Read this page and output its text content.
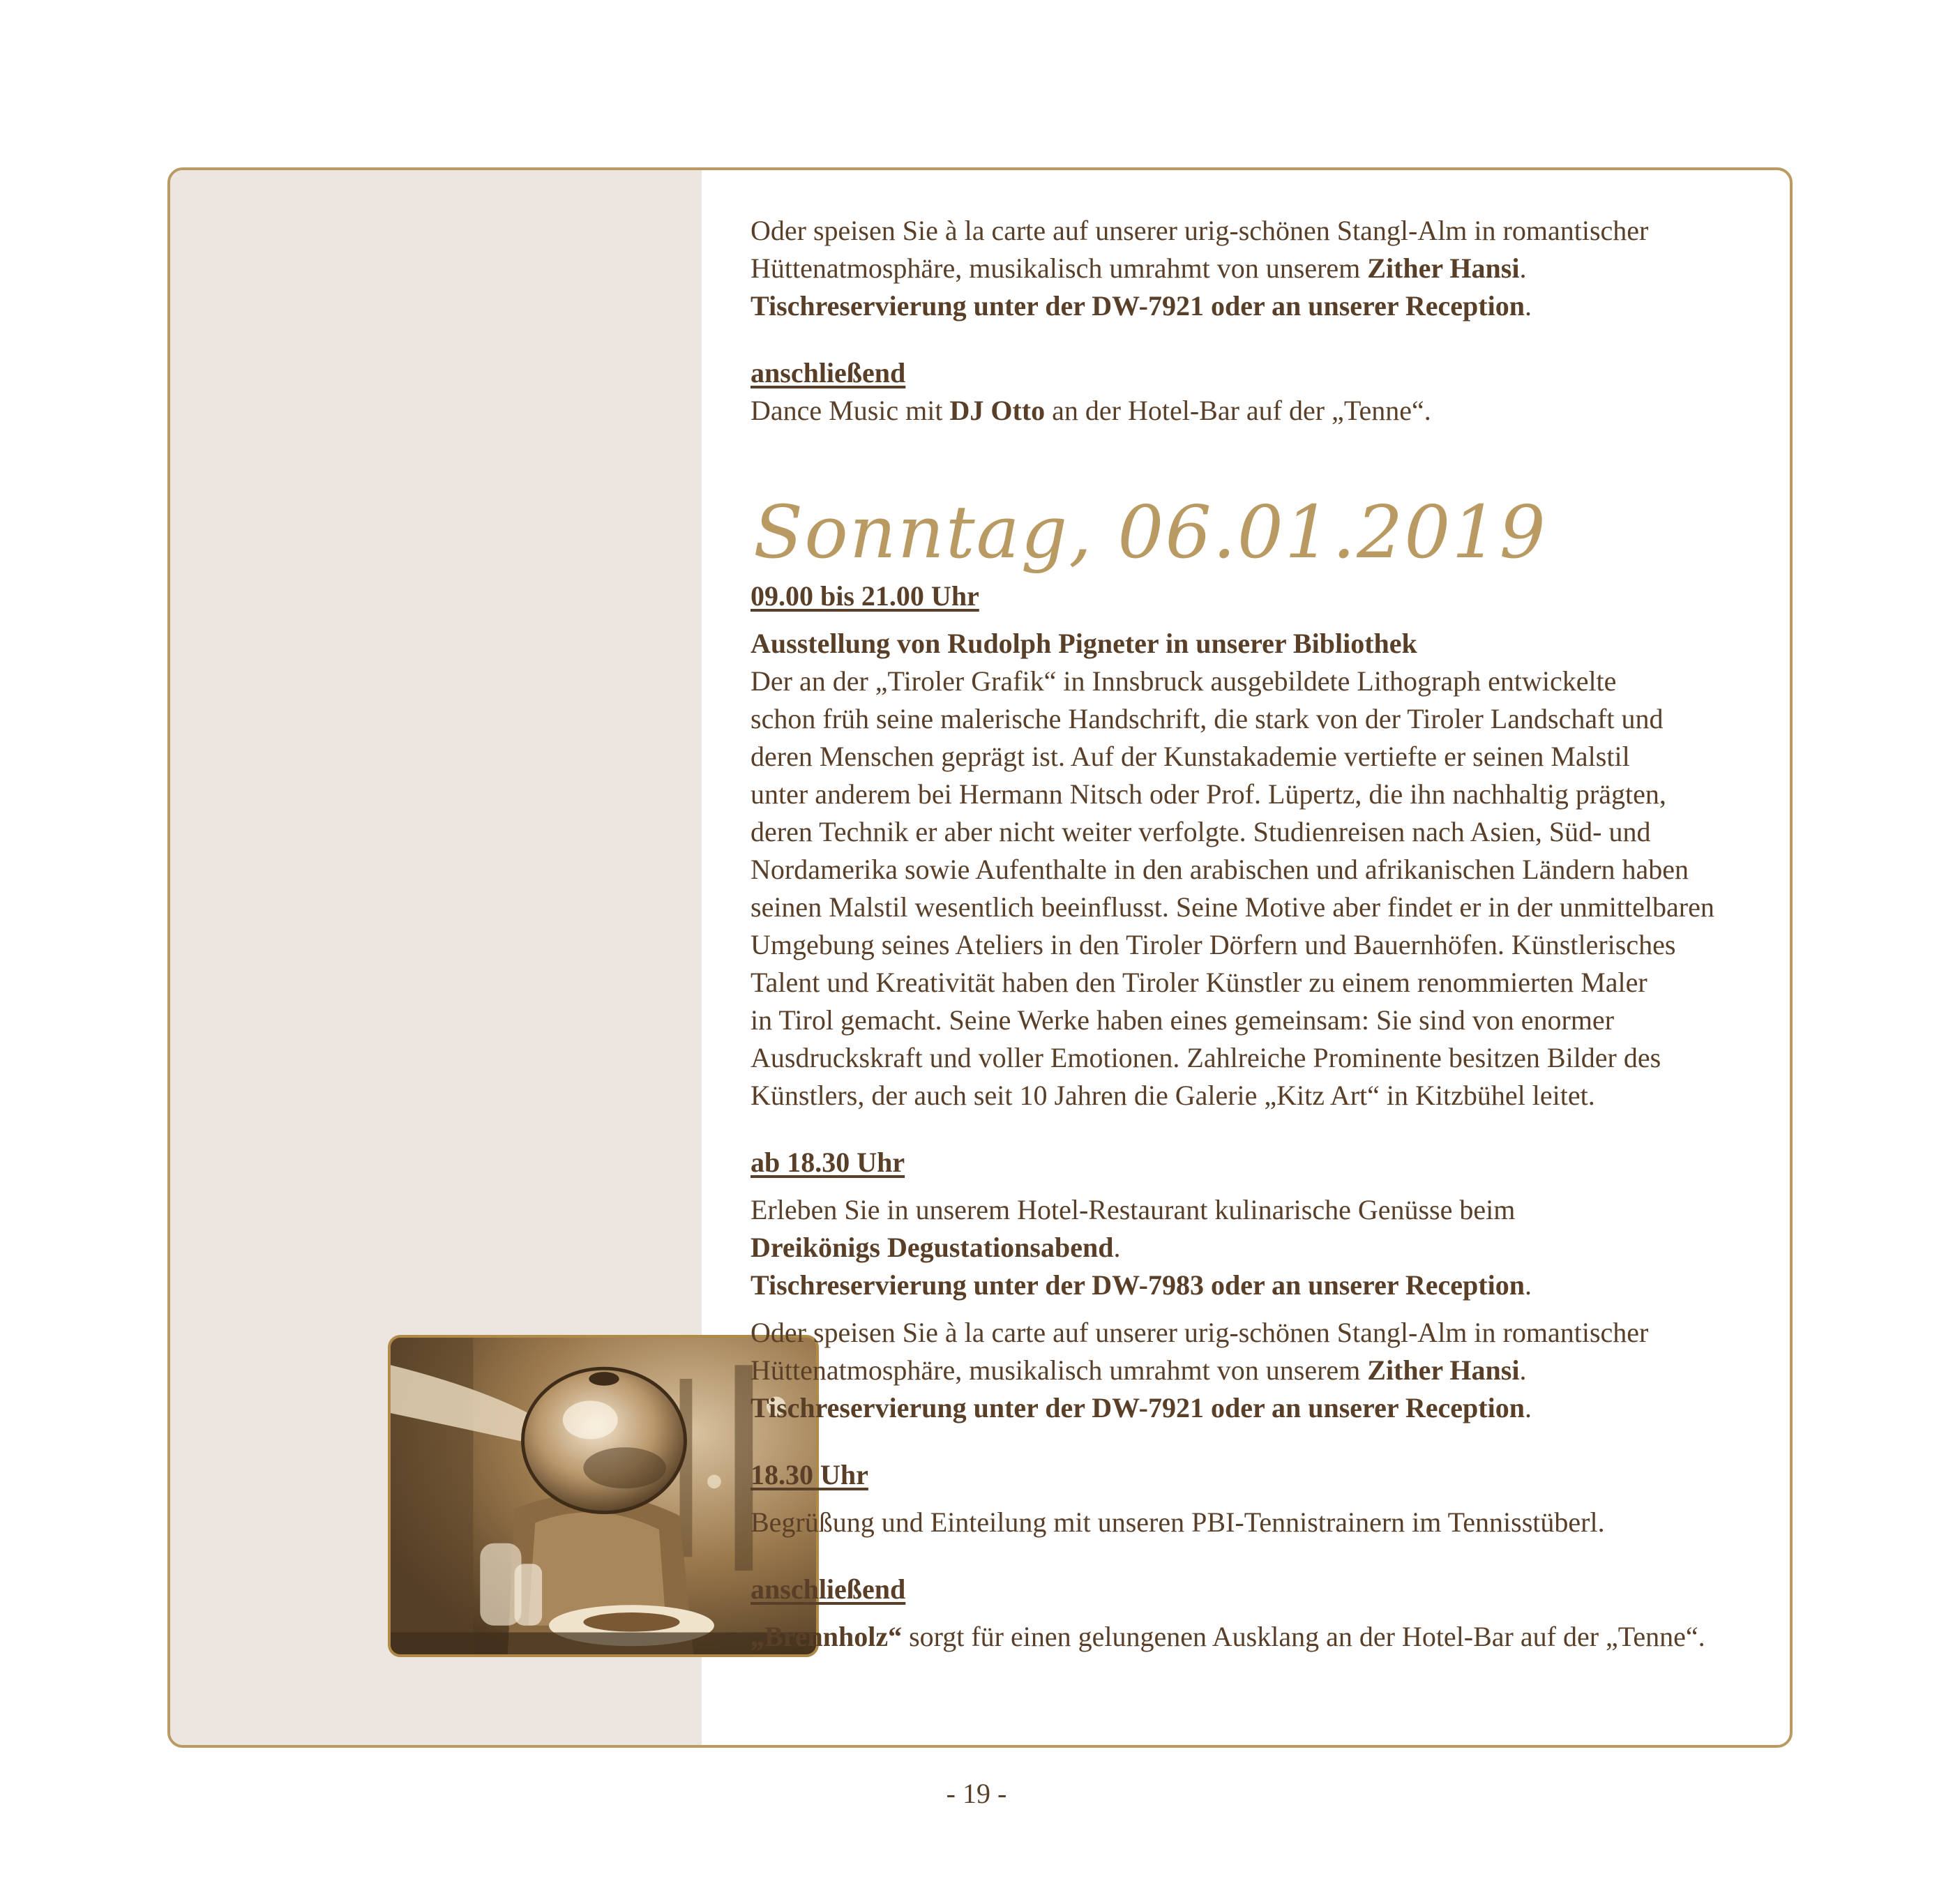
Oder speisen Sie à la carte auf unserer urig-schönen Stangl-Alm in romantischer

Hüttenatmosphäre, musikalisch umrahmt von unserem Zither Hansi.

Tischreservierung unter der DW-7921 oder an unserer Reception.

anschließend

Dance Music mit DJ Otto an der Hotel-Bar auf der „Tenne“.

Sonntag, 06.01.2019

09.00 bis 21.00 Uhr

Ausstellung von Rudolph Pigneter in unserer Bibliothek

Der an der „Tiroler Grafik“ in Innsbruck ausgebildete Lithograph entwickelte

schon früh seine malerische Handschrift, die stark von der Tiroler Landschaft und

deren Menschen geprägt ist. Auf der Kunstakademie vertiefte er seinen Malstil

unter anderem bei Hermann Nitsch oder Prof. Lüpertz, die ihn nachhaltig prägten,

deren Technik er aber nicht weiter verfolgte. Studienreisen nach Asien, Süd- und

Nordamerika sowie Aufenthalte in den arabischen und afrikanischen Ländern haben

seinen Malstil wesentlich beeinflusst. Seine Motive aber findet er in der unmittelbaren

Umgebung seines Ateliers in den Tiroler Dörfern und Bauernhöfen. Künstlerisches

Talent und Kreativität haben den Tiroler Künstler zu einem renommierten Maler

in Tirol gemacht. Seine Werke haben eines gemeinsam: Sie sind von enormer

Ausdruckskraft und voller Emotionen. Zahlreiche Prominente besitzen Bilder des

Künstlers, der auch seit 10 Jahren die Galerie „Kitz Art“ in Kitzbühel leitet.

ab 18.30 Uhr

Erleben Sie in unserem Hotel-Restaurant kulinarische Genüsse beim

Dreikönigs Degustationsabend.

Tischreservierung unter der DW-7983 oder an unserer Reception.

Oder speisen Sie à la carte auf unserer urig-schönen Stangl-Alm in romantischer

Hüttenatmosphäre, musikalisch umrahmt von unserem Zither Hansi.

Tischreservierung unter der DW-7921 oder an unserer Reception.

18.30 Uhr

Begrüßung und Einteilung mit unseren PBI-Tennistrainern im Tennisstüberl.

anschließend

„Brennholz“ sorgt für einen gelungenen Ausklang an der Hotel-Bar auf der „Tenne“.

- 19 -
